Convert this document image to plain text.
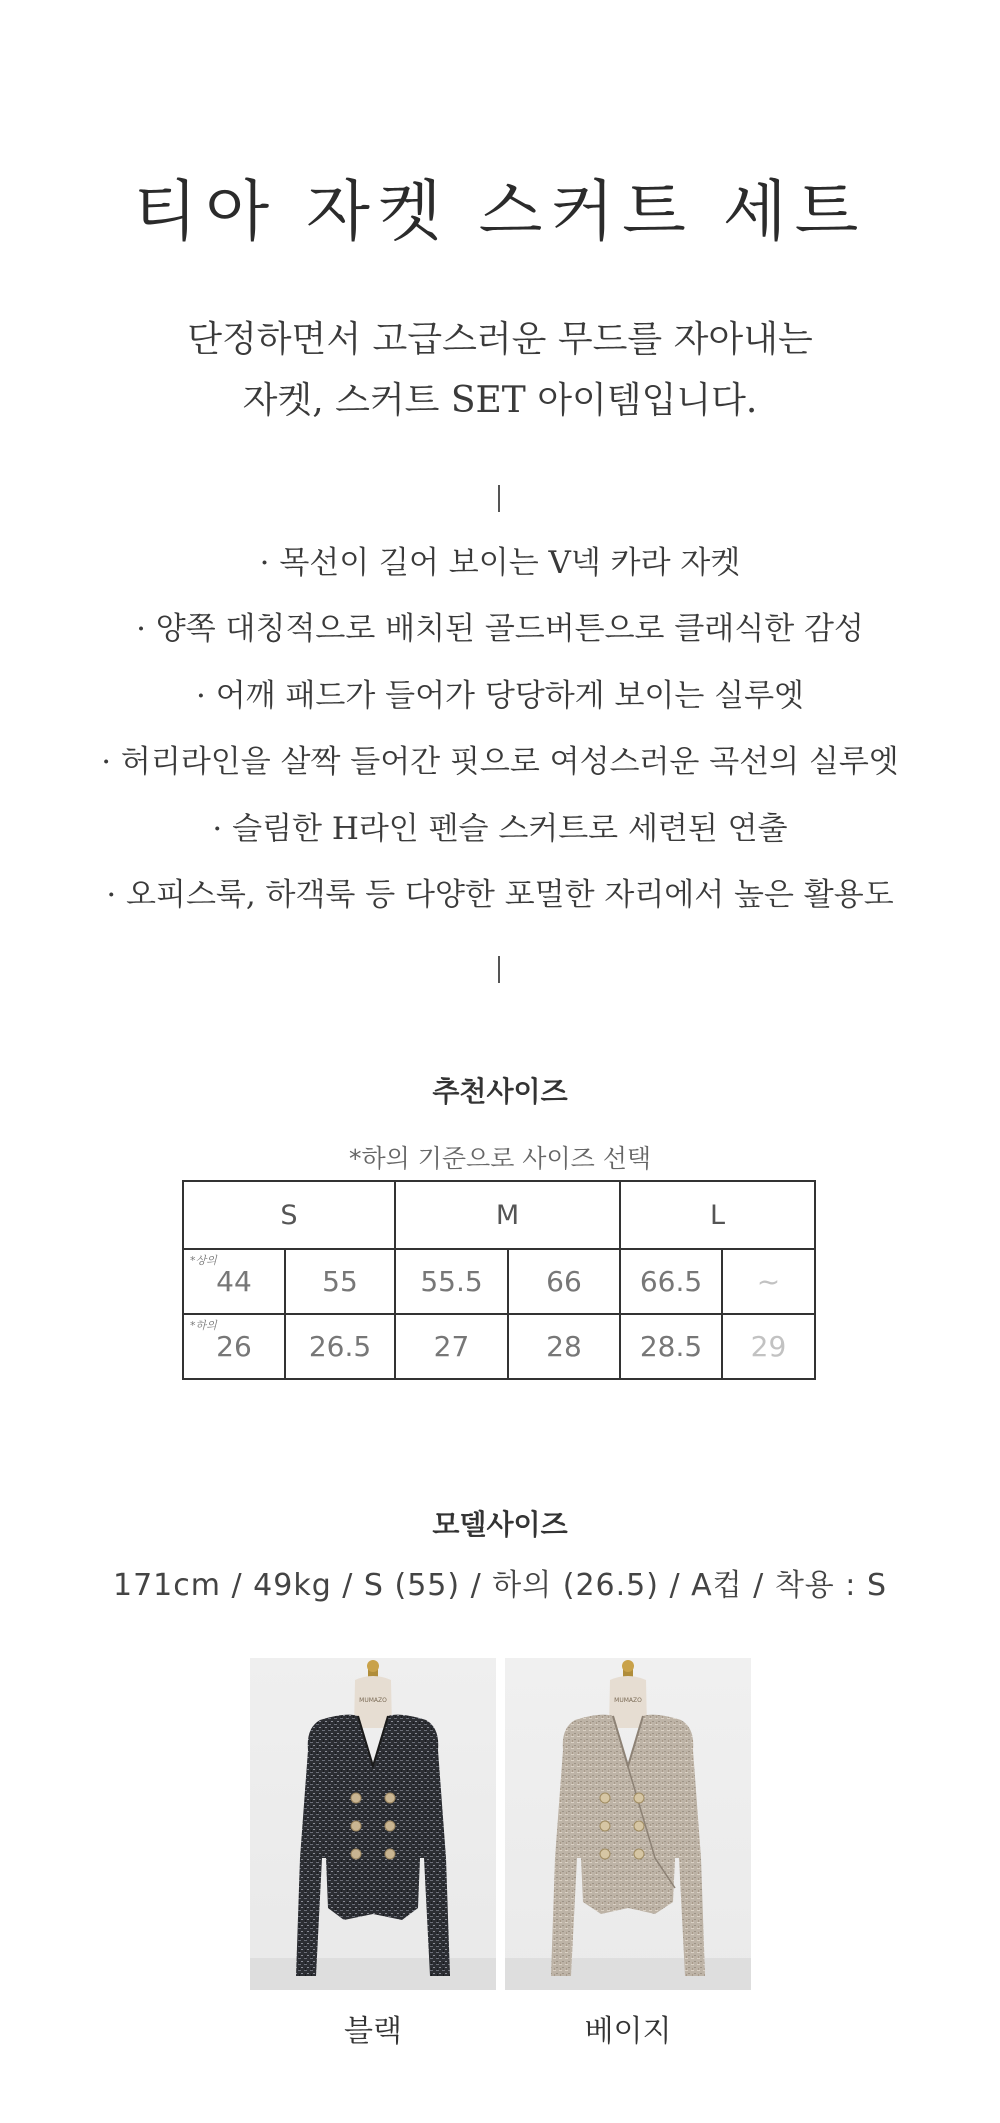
티아 자켓 스커트 세트
단정하면서 고급스러운 무드를 자아내는
자켓, 스커트 SET 아이템입니다.
· 목선이 길어 보이는 V넥 카라 자켓
· 양쪽 대칭적으로 배치된 골드버튼으로 클래식한 감성
· 어깨 패드가 들어가 당당하게 보이는 실루엣
· 허리라인을 살짝 들어간 핏으로 여성스러운 곡선의 실루엣
· 슬림한 H라인 펜슬 스커트로 세련된 연출
· 오피스룩, 하객룩 등 다양한 포멀한 자리에서 높은 활용도
추천사이즈
*하의 기준으로 사이즈 선택
S		M		L	

*상의
44	55	55.5	66	66.5	~

*하의
26	26.5	27	28	28.5	29
모델사이즈
171cm / 49kg / S (55) / 하의 (26.5) / A컵 / 착용 : S
MUMAZO	MUMAZO
블랙	베이지
